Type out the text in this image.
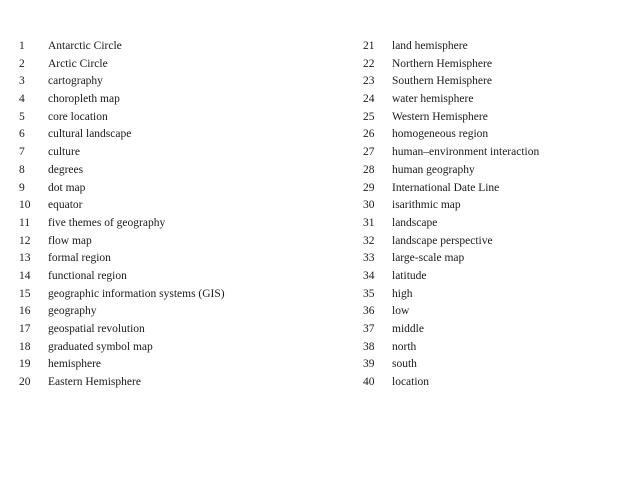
1	Antarctic Circle
2	Arctic Circle
3	cartography
4	choropleth map
5	core location
6	cultural landscape
7	culture
8	degrees
9	dot map
10	equator
11	five themes of geography
12	flow map
13	formal region
14	functional region
15	geographic information systems (GIS)
16	geography
17	geospatial revolution
18	graduated symbol map
19	hemisphere
20	Eastern Hemisphere
21	land hemisphere
22	Northern Hemisphere
23	Southern Hemisphere
24	water hemisphere
25	Western Hemisphere
26	homogeneous region
27	human–environment interaction
28	human geography
29	International Date Line
30	isarithmic map
31	landscape
32	landscape perspective
33	large-scale map
34	latitude
35	high
36	low
37	middle
38	north
39	south
40	location
